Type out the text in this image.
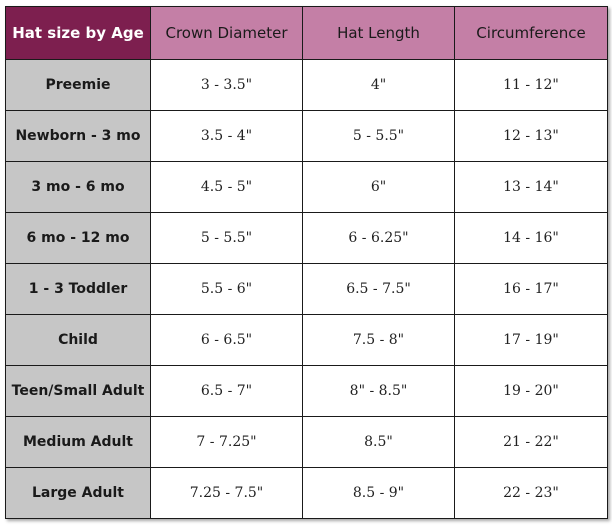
Hat size by Age	Crown Diameter	Hat Length	Circumference
Preemie	3 - 3.5"	4"	11 - 12"
Newborn - 3 mo	3.5 - 4"	5 - 5.5"	12 - 13"
3 mo - 6 mo	4.5 - 5"	6"	13 - 14"
6 mo - 12 mo	5 - 5.5"	6 - 6.25"	14 - 16"
1 - 3 Toddler	5.5 - 6"	6.5 - 7.5"	16 - 17"
Child	6 - 6.5"	7.5 - 8"	17 - 19"
Teen/Small Adult	6.5 - 7"	8" - 8.5"	19 - 20"
Medium Adult	7 - 7.25"	8.5"	21 - 22"
Large Adult	7.25 - 7.5"	8.5 - 9"	22 - 23"
